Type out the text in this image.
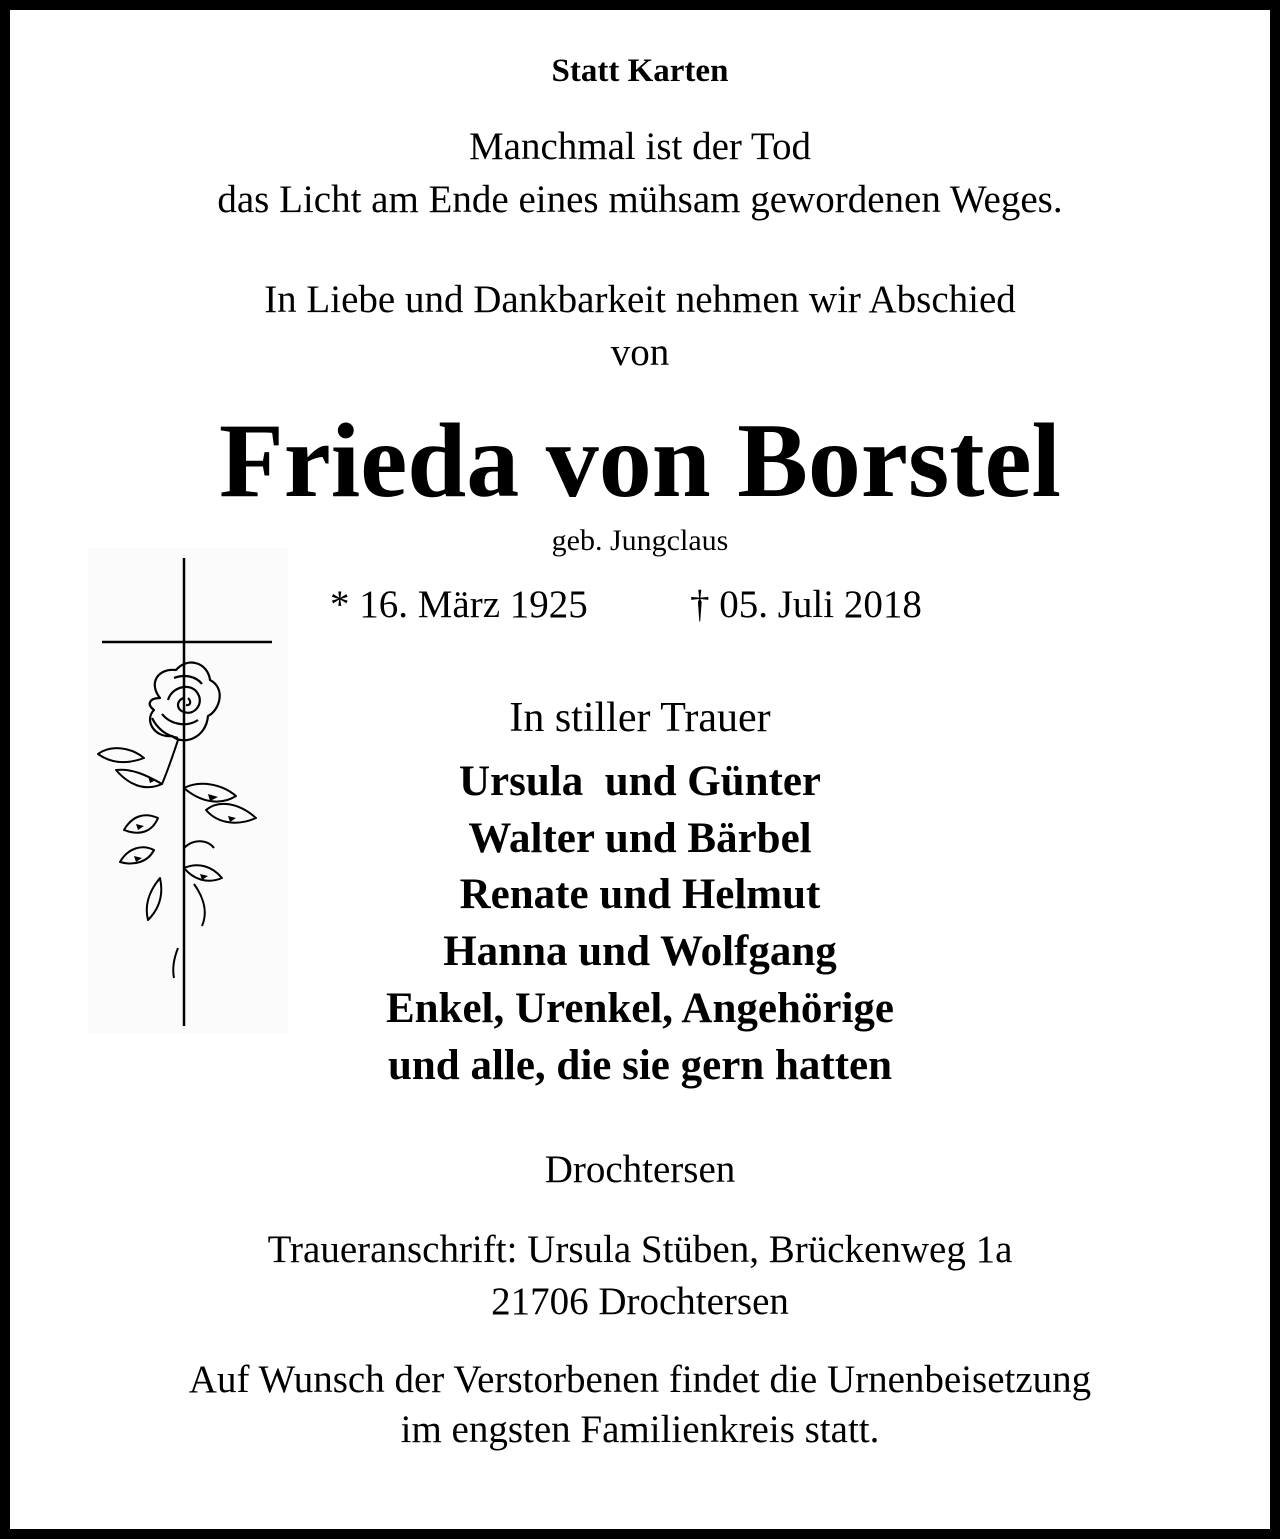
Statt Karten
Manchmal ist der Tod
das Licht am Ende eines mühsam gewordenen Weges.
In Liebe und Dankbarkeit nehmen wir Abschied
von
Frieda von Borstel
geb. Jungclaus
* 16. März 1925	† 05. Juli 2018
In stiller Trauer
Ursula  und Günter
Walter und Bärbel
Renate und Helmut
Hanna und Wolfgang
Enkel, Urenkel, Angehörige
und alle, die sie gern hatten
Drochtersen
Traueranschrift: Ursula Stüben, Brückenweg 1a
21706 Drochtersen
Auf Wunsch der Verstorbenen findet die Urnenbeisetzung
im engsten Familienkreis statt.
